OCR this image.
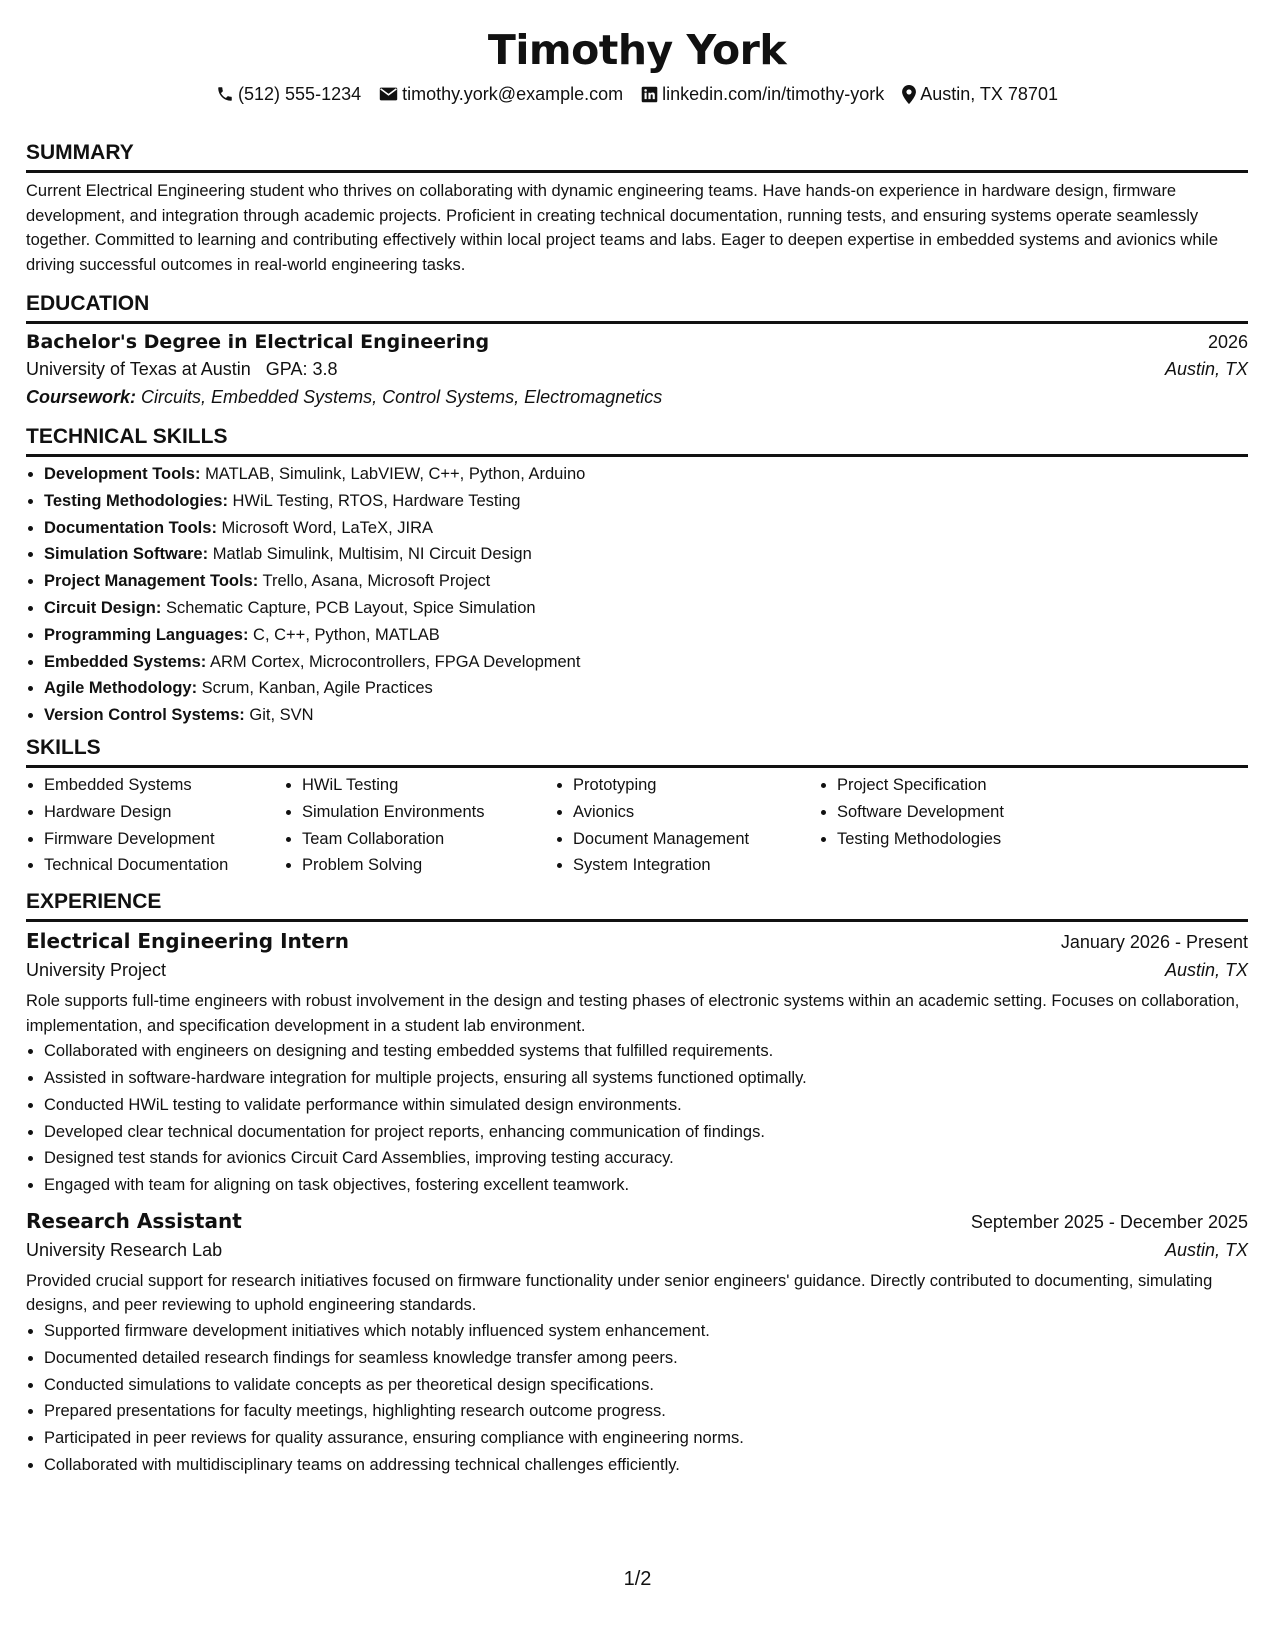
Timothy York
(512) 555-1234 timothy.york@example.com linkedin.com/in/timothy-york Austin, TX 78701
SUMMARY
Current Electrical Engineering student who thrives on collaborating with dynamic engineering teams. Have hands-on experience in hardware design, firmware development, and integration through academic projects. Proficient in creating technical documentation, running tests, and ensuring systems operate seamlessly together. Committed to learning and contributing effectively within local project teams and labs. Eager to deepen expertise in embedded systems and avionics while driving successful outcomes in real-world engineering tasks.
EDUCATION
Bachelor's Degree in Electrical Engineering	2026
University of Texas at Austin GPA: 3.8	Austin, TX
Coursework: Circuits, Embedded Systems, Control Systems, Electromagnetics
TECHNICAL SKILLS
• Development Tools: MATLAB, Simulink, LabVIEW, C++, Python, Arduino
• Testing Methodologies: HWiL Testing, RTOS, Hardware Testing
• Documentation Tools: Microsoft Word, LaTeX, JIRA
• Simulation Software: Matlab Simulink, Multisim, NI Circuit Design
• Project Management Tools: Trello, Asana, Microsoft Project
• Circuit Design: Schematic Capture, PCB Layout, Spice Simulation
• Programming Languages: C, C++, Python, MATLAB
• Embedded Systems: ARM Cortex, Microcontrollers, FPGA Development
• Agile Methodology: Scrum, Kanban, Agile Practices
• Version Control Systems: Git, SVN
SKILLS
• Embedded Systems
• Hardware Design
• Firmware Development
• Technical Documentation
• HWiL Testing
• Simulation Environments
• Team Collaboration
• Problem Solving
• Prototyping
• Avionics
• Document Management
• System Integration
• Project Specification
• Software Development
• Testing Methodologies
EXPERIENCE
Electrical Engineering Intern	January 2026 - Present
University Project	Austin, TX
Role supports full-time engineers with robust involvement in the design and testing phases of electronic systems within an academic setting. Focuses on collaboration, implementation, and specification development in a student lab environment.
• Collaborated with engineers on designing and testing embedded systems that fulfilled requirements.
• Assisted in software-hardware integration for multiple projects, ensuring all systems functioned optimally.
• Conducted HWiL testing to validate performance within simulated design environments.
• Developed clear technical documentation for project reports, enhancing communication of findings.
• Designed test stands for avionics Circuit Card Assemblies, improving testing accuracy.
• Engaged with team for aligning on task objectives, fostering excellent teamwork.
Research Assistant	September 2025 - December 2025
University Research Lab	Austin, TX
Provided crucial support for research initiatives focused on firmware functionality under senior engineers' guidance. Directly contributed to documenting, simulating designs, and peer reviewing to uphold engineering standards.
• Supported firmware development initiatives which notably influenced system enhancement.
• Documented detailed research findings for seamless knowledge transfer among peers.
• Conducted simulations to validate concepts as per theoretical design specifications.
• Prepared presentations for faculty meetings, highlighting research outcome progress.
• Participated in peer reviews for quality assurance, ensuring compliance with engineering norms.
• Collaborated with multidisciplinary teams on addressing technical challenges efficiently.
1/2
